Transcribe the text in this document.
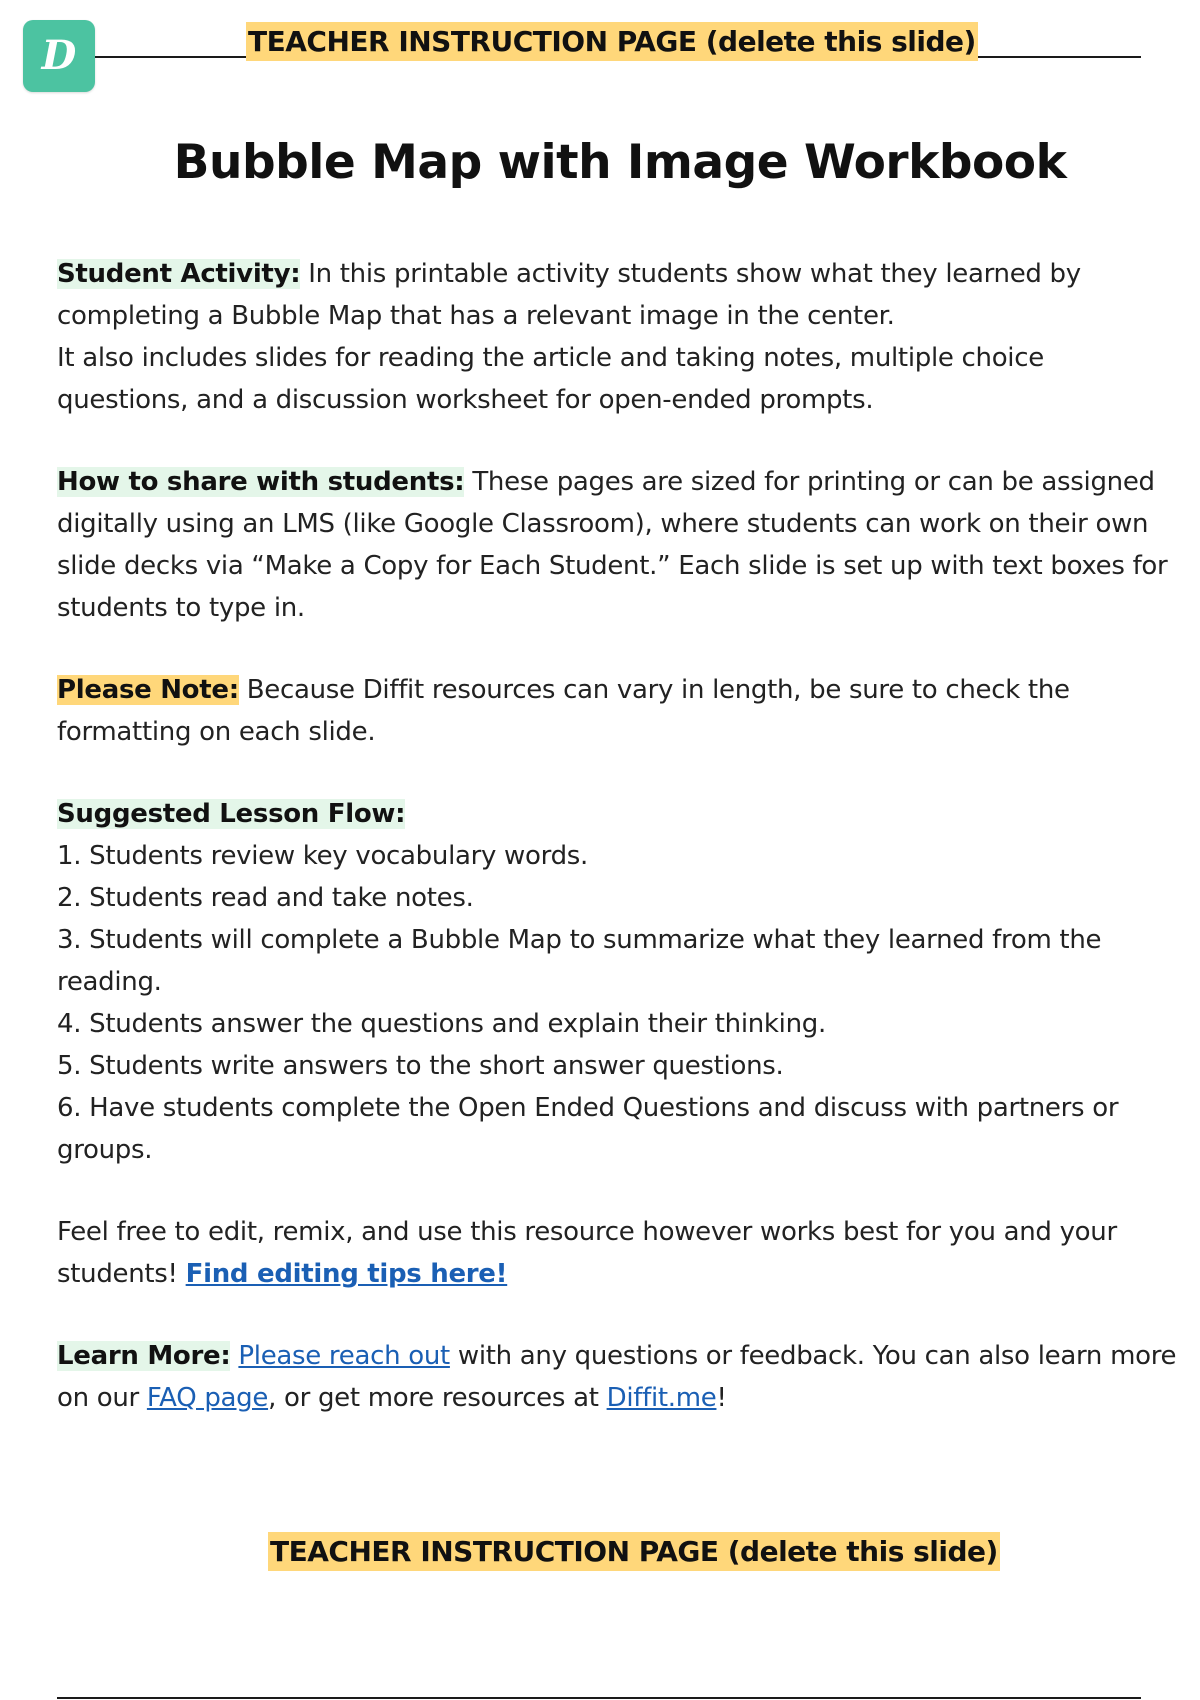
D	TEACHER INSTRUCTION PAGE (delete this slide)
Bubble Map with Image Workbook

Student Activity: In this printable activity students show what they learned by completing a Bubble Map that has a relevant image in the center.
It also includes slides for reading the article and taking notes, multiple choice questions, and a discussion worksheet for open-ended prompts.

How to share with students: These pages are sized for printing or can be assigned digitally using an LMS (like Google Classroom), where students can work on their own slide decks via “Make a Copy for Each Student.” Each slide is set up with text boxes for students to type in.

Please Note: Because Diffit resources can vary in length, be sure to check the formatting on each slide.

Suggested Lesson Flow:

1. Students review key vocabulary words.
2. Students read and take notes.
3. Students will complete a Bubble Map to summarize what they learned from the reading.
4. Students answer the questions and explain their thinking.
5. Students write answers to the short answer questions.
6. Have students complete the Open Ended Questions and discuss with partners or groups.

Feel free to edit, remix, and use this resource however works best for you and your students! Find editing tips here!

Learn More: Please reach out with any questions or feedback. You can also learn more on our FAQ page, or get more resources at Diffit.me!

TEACHER INSTRUCTION PAGE (delete this slide)
